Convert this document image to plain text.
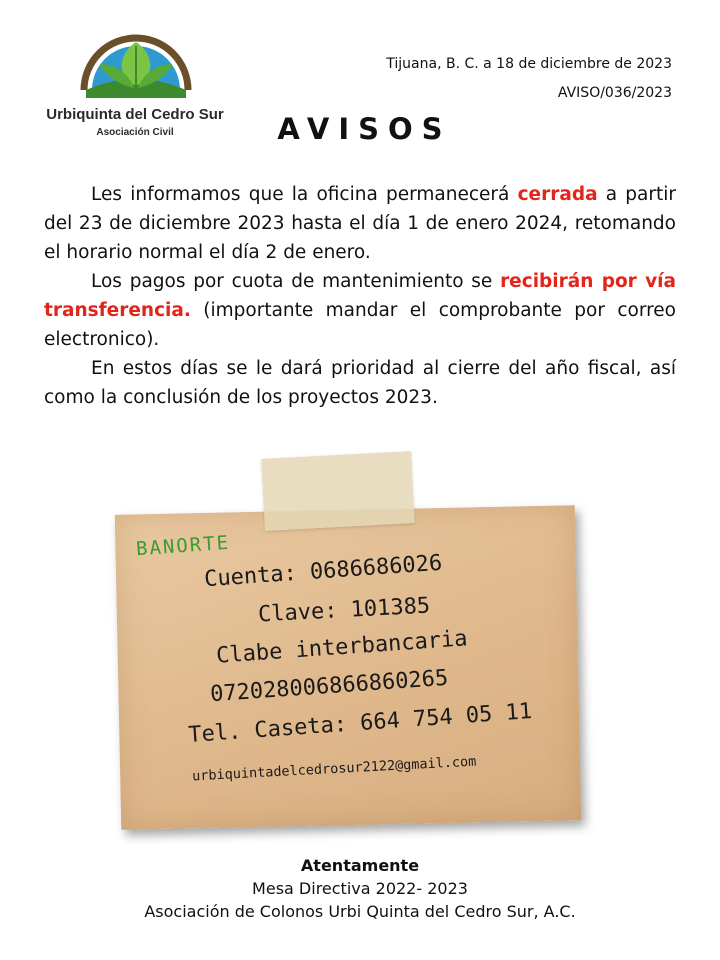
Urbiquinta del Cedro Sur
Asociación Civil
Tijuana, B. C. a 18 de diciembre de 2023
AVISO/036/2023
AVISOS

Les informamos que la oficina permanecerá cerrada a partir del 23 de diciembre 2023 hasta el día 1 de enero 2024, retomando el horario normal el día 2 de enero.

Los pagos por cuota de mantenimiento se recibirán por vía transferencia. (importante mandar el comprobante por correo electronico).

En estos días se le dará prioridad al cierre del año fiscal, así como la conclusión de los proyectos 2023.

BANORTE
Cuenta: 0686686026
Clave: 101385
Clabe interbancaria
072028006866860265
Tel. Caseta: 664 754 05 11
urbiquintadelcedrosur2122@gmail.com
Atentamente
Mesa Directiva 2022- 2023
Asociación de Colonos Urbi Quinta del Cedro Sur, A.C.
